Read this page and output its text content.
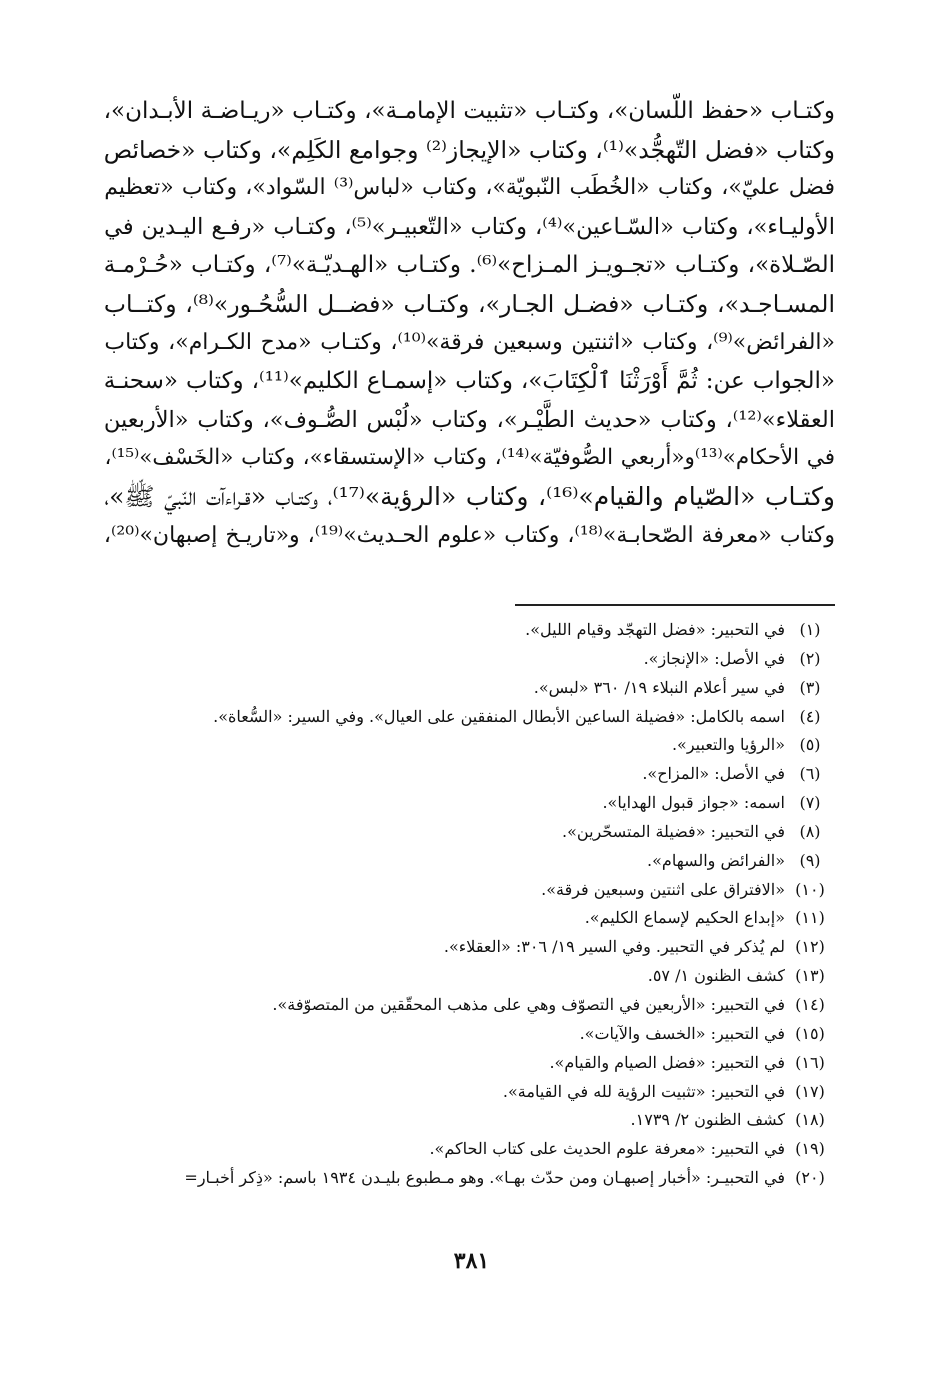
وكتـاب «حفظ اللّسان»، وكتـاب «تثبيت الإمامـة»، وكتـاب «ريـاضـة الأبـدان»،
وكتاب «فضل التّهجُّد»⁽¹⁾، وكتاب «الإيجاز⁽²⁾ وجوامع الكَلِم»، وكتاب «خصائص
فضل عليّ»، وكتاب «الخُطَب النّبويّة»، وكتاب «لباس⁽³⁾ السّواد»، وكتاب «تعظيم
الأوليـاء»، وكتاب «السّـاعين»⁽⁴⁾، وكتاب «التّعبيـر»⁽⁵⁾، وكتـاب «رفـع اليـدين في
الصّـلاة»، وكتـاب «تجـويـز المـزاح»⁽⁶⁾. وكتـاب «الهـديّـة»⁽⁷⁾، وكتـاب «حُـرْمـة
المسـاجـد»، وكتـاب «فضـل الجـار»، وكتـاب «فضــل السُّحُـور»⁽⁸⁾، وكتــاب
«الفرائض»⁽⁹⁾، وكتاب «اثنتين وسبعين فرقة»⁽¹⁰⁾، وكتـاب «مدح الكـرام»، وكتاب
«الجواب عن: ثُمَّ أَوْرَثْنَا ٱلْكِتَابَ»، وكتاب «إسمـاع الكليم»⁽¹¹⁾، وكتاب «سحنـة
العقلاء»⁽¹²⁾، وكتاب «حديث الطَّيْـر»، وكتاب «لُبْس الصُّـوف»، وكتاب «الأربعين
في الأحكام»⁽¹³⁾و«أربعي الصُّوفيّة»⁽¹⁴⁾، وكتاب «الإستسقاء»، وكتاب «الخَسْف»⁽¹⁵⁾،
وكتـاب «الصّيام والقيام»⁽¹⁶⁾، وكتاب «الرؤية»⁽¹⁷⁾، وكتـاب «قـراءآت النّبيّ ﷺ»،
وكتاب «معرفة الصّحابـة»⁽¹⁸⁾، وكتاب «علوم الحـديث»⁽¹⁹⁾، و«تاريـخ إصبهان»⁽²⁰⁾،
(١)
في التحبير: «فضل التهجّد وقيام الليل».
(٢)
في الأصل: «الإنجاز».
(٣)
في سير أعلام النبلاء ١٩/ ٣٦٠ «لبس».
(٤)
اسمه بالكامل: «فضيلة الساعين الأبطال المنفقين على العيال». وفي السير: «السُّعاة».
(٥)
«الرؤيا والتعبير».
(٦)
في الأصل: «المزاح».
(٧)
اسمه: «جواز قبول الهدايا».
(٨)
في التحبير: «فضيلة المتسحّرين».
(٩)
«الفرائض والسهام».
(١٠)
«الافتراق على اثنتين وسبعين فرقة».
(١١)
«إبداع الحكيم لإسماع الكليم».
(١٢)
لم يُذكر في التحبير. وفي السير ١٩/ ٣٠٦: «العقلاء».
(١٣)
كشف الظنون ١/ ٥٧.
(١٤)
في التحبير: «الأربعين في التصوّف وهي على مذهب المحقّقين من المتصوّفة».
(١٥)
في التحبير: «الخسف والآيات».
(١٦)
في التحبير: «فضل الصيام والقيام».
(١٧)
في التحبير: «تثبيت الرؤية لله في القيامة».
(١٨)
كشف الظنون ٢/ ١٧٣٩.
(١٩)
في التحبير: «معرفة علوم الحديث على كتاب الحاكم».
(٢٠)
في التحبيـر: «أخبار إصبهـان ومن حدّث بهـا». وهو مـطبوع بليـدن ١٩٣٤ باسم: «ذِكر أخبـار=
٣٨١
